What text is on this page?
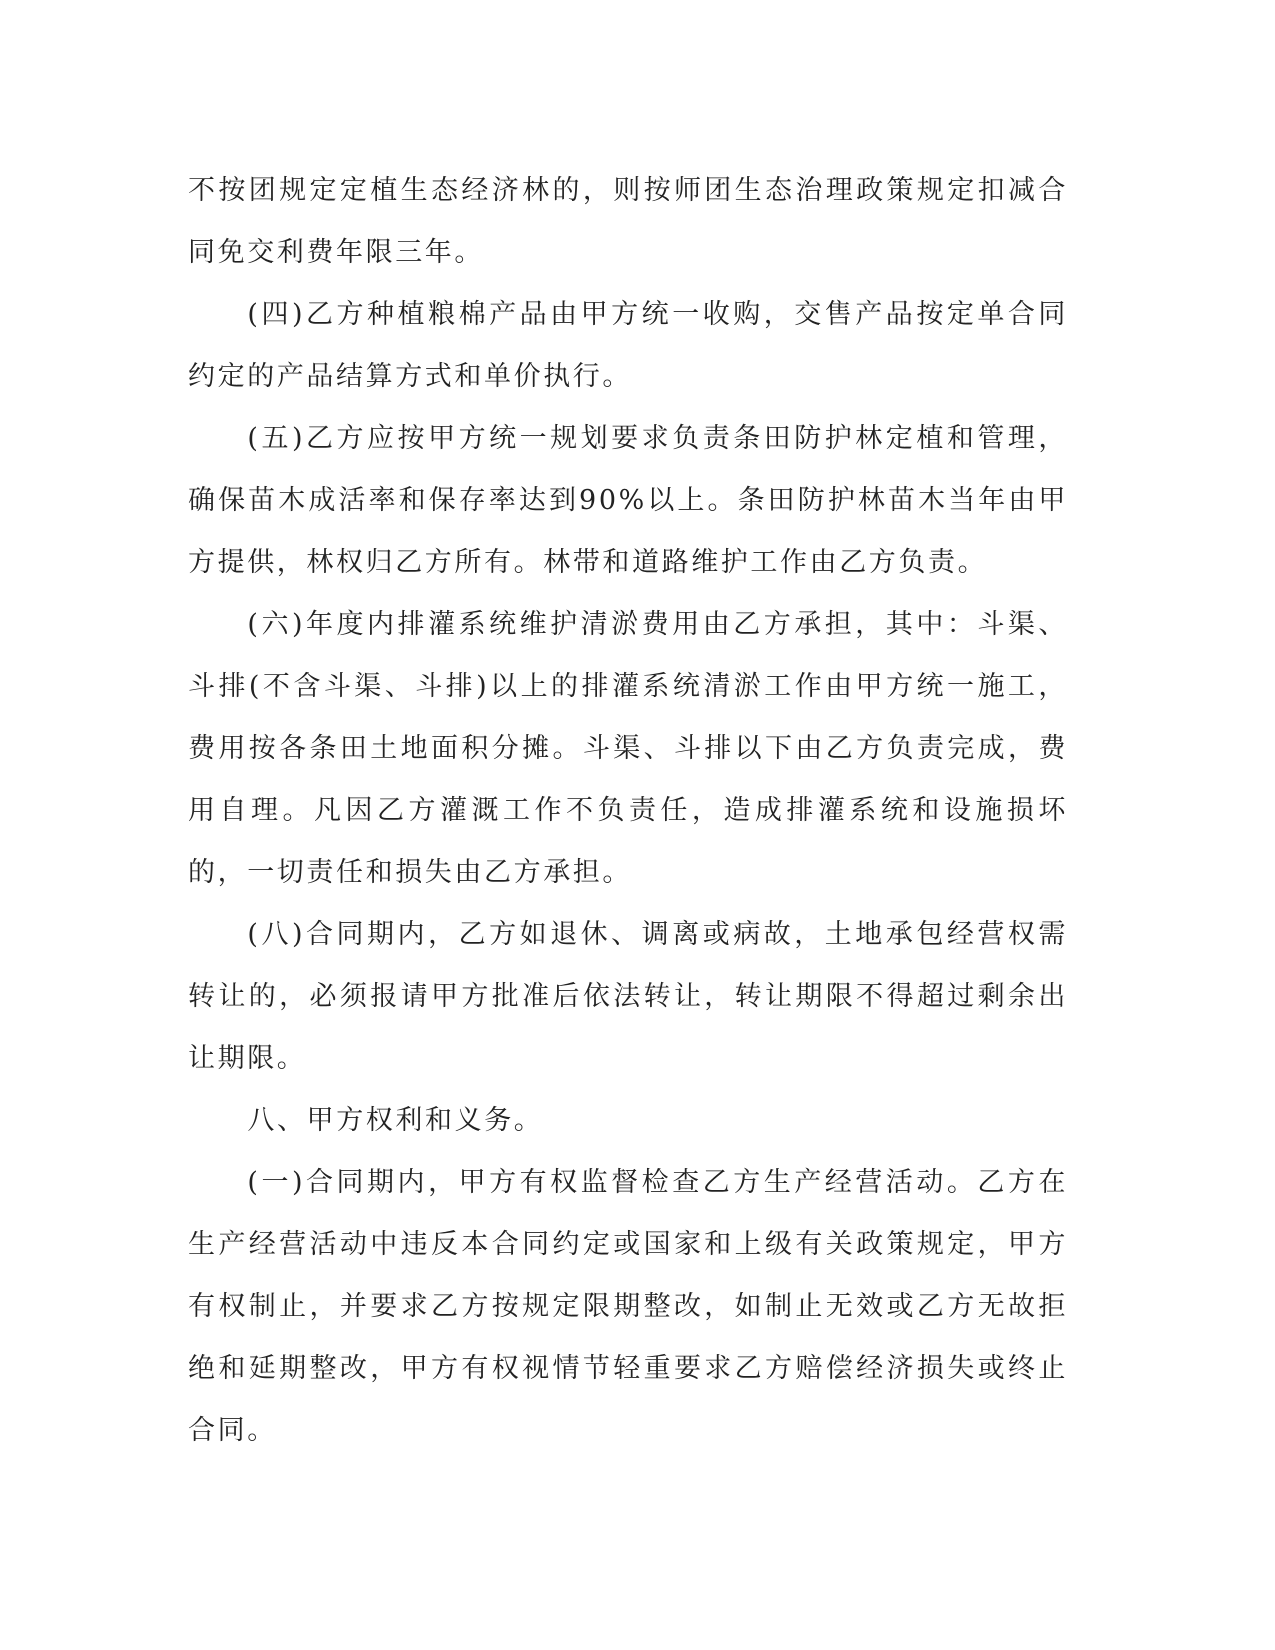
不按团规定定植生态经济林的，则按师团生态治理政策规定扣减合同免交利费年限三年。

(四)乙方种植粮棉产品由甲方统一收购，交售产品按定单合同约定的产品结算方式和单价执行。

(五)乙方应按甲方统一规划要求负责条田防护林定植和管理，确保苗木成活率和保存率达到90%以上。条田防护林苗木当年由甲方提供，林权归乙方所有。林带和道路维护工作由乙方负责。

(六)年度内排灌系统维护清淤费用由乙方承担，其中：斗渠、斗排(不含斗渠、斗排)以上的排灌系统清淤工作由甲方统一施工，费用按各条田土地面积分摊。斗渠、斗排以下由乙方负责完成，费用自理。凡因乙方灌溉工作不负责任，造成排灌系统和设施损坏的，一切责任和损失由乙方承担。

(八)合同期内，乙方如退休、调离或病故，土地承包经营权需转让的，必须报请甲方批准后依法转让，转让期限不得超过剩余出让期限。

八、甲方权利和义务。

(一)合同期内，甲方有权监督检查乙方生产经营活动。乙方在生产经营活动中违反本合同约定或国家和上级有关政策规定，甲方有权制止，并要求乙方按规定限期整改，如制止无效或乙方无故拒绝和延期整改，甲方有权视情节轻重要求乙方赔偿经济损失或终止合同。
